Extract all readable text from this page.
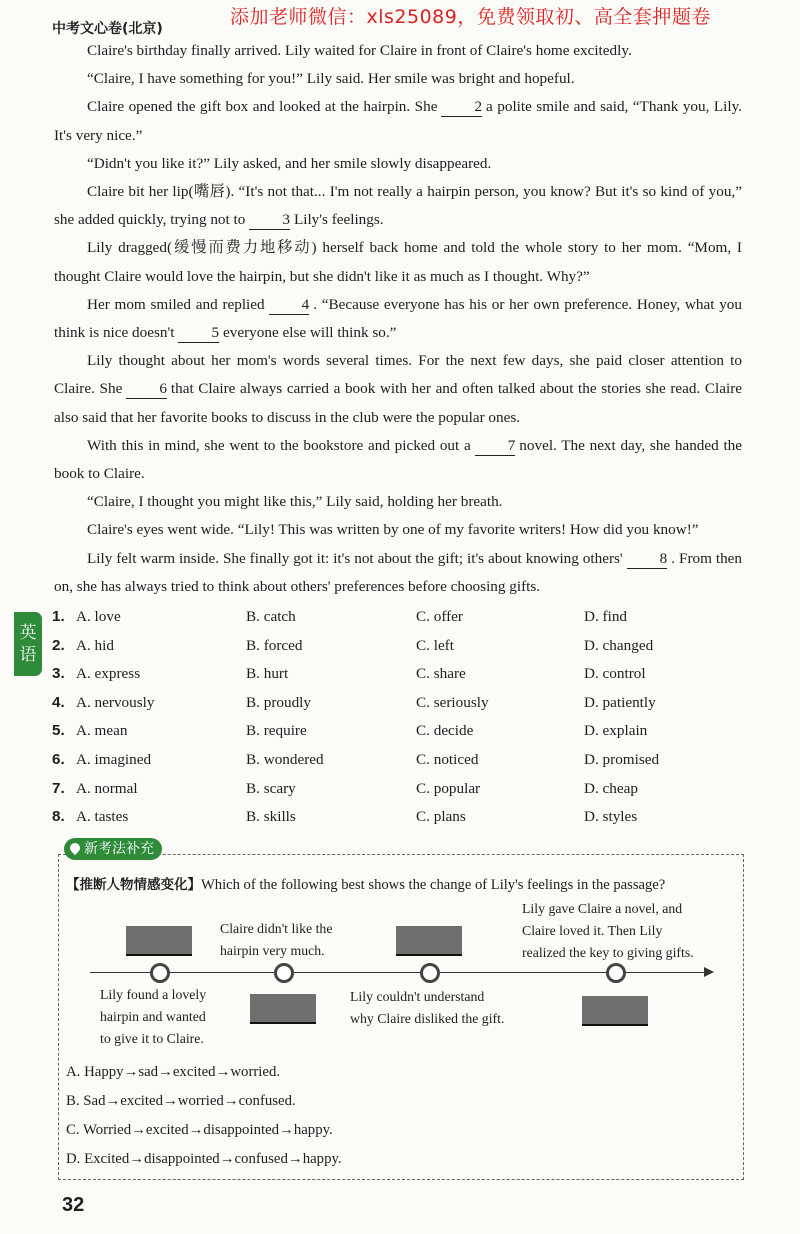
添加老师微信：xls25089，免费领取初、高全套押题卷
中考文心卷(北京)

Claire's birthday finally arrived. Lily waited for Claire in front of Claire's home excitedly.

“Claire, I have something for you!” Lily said. Her smile was bright and hopeful.

Claire opened the gift box and looked at the hairpin. She 2 a polite smile and said, “Thank you, Lily. It's very nice.”

“Didn't you like it?” Lily asked, and her smile slowly disappeared.

Claire bit her lip(嘴唇). “It's not that... I'm not really a hairpin person, you know? But it's so kind of you,” she added quickly, trying not to 3 Lily's feelings.

Lily dragged(缓慢而费力地移动) herself back home and told the whole story to her mom. “Mom, I thought Claire would love the hairpin, but she didn't like it as much as I thought. Why?”

Her mom smiled and replied 4 . “Because everyone has his or her own preference. Honey, what you think is nice doesn't 5 everyone else will think so.”

Lily thought about her mom's words several times. For the next few days, she paid closer attention to Claire. She 6 that Claire always carried a book with her and often talked about the stories she read. Claire also said that her favorite books to discuss in the club were the popular ones.

With this in mind, she went to the bookstore and picked out a 7 novel. The next day, she handed the book to Claire.

“Claire, I thought you might like this,” Lily said, holding her breath.

Claire's eyes went wide. “Lily! This was written by one of my favorite writers! How did you know!”

Lily felt warm inside. She finally got it: it's not about the gift; it's about knowing others' 8 . From then on, she has always tried to think about others' preferences before choosing gifts.

英
语
1. A. love	B. catch	C. offer	D. find
2. A. hid	B. forced	C. left	D. changed
3. A. express	B. hurt	C. share	D. control
4. A. nervously	B. proudly	C. seriously	D. patiently
5. A. mean	B. require	C. decide	D. explain
6. A. imagined	B. wondered	C. noticed	D. promised
7. A. normal	B. scary	C. popular	D. cheap
8. A. tastes	B. skills	C. plans	D. styles
新考法补充
【推断人物情感变化】Which of the following best shows the change of Lily's feelings in the passage?
Claire didn't like the
hairpin very much.
Lily gave Claire a novel, and
Claire loved it. Then Lily
realized the key to giving gifts.
Lily found a lovely
hairpin and wanted
to give it to Claire.
Lily couldn't understand
why Claire disliked the gift.
A. Happy→sad→excited→worried.
B. Sad→excited→worried→confused.
C. Worried→excited→disappointed→happy.
D. Excited→disappointed→confused→happy.
32
